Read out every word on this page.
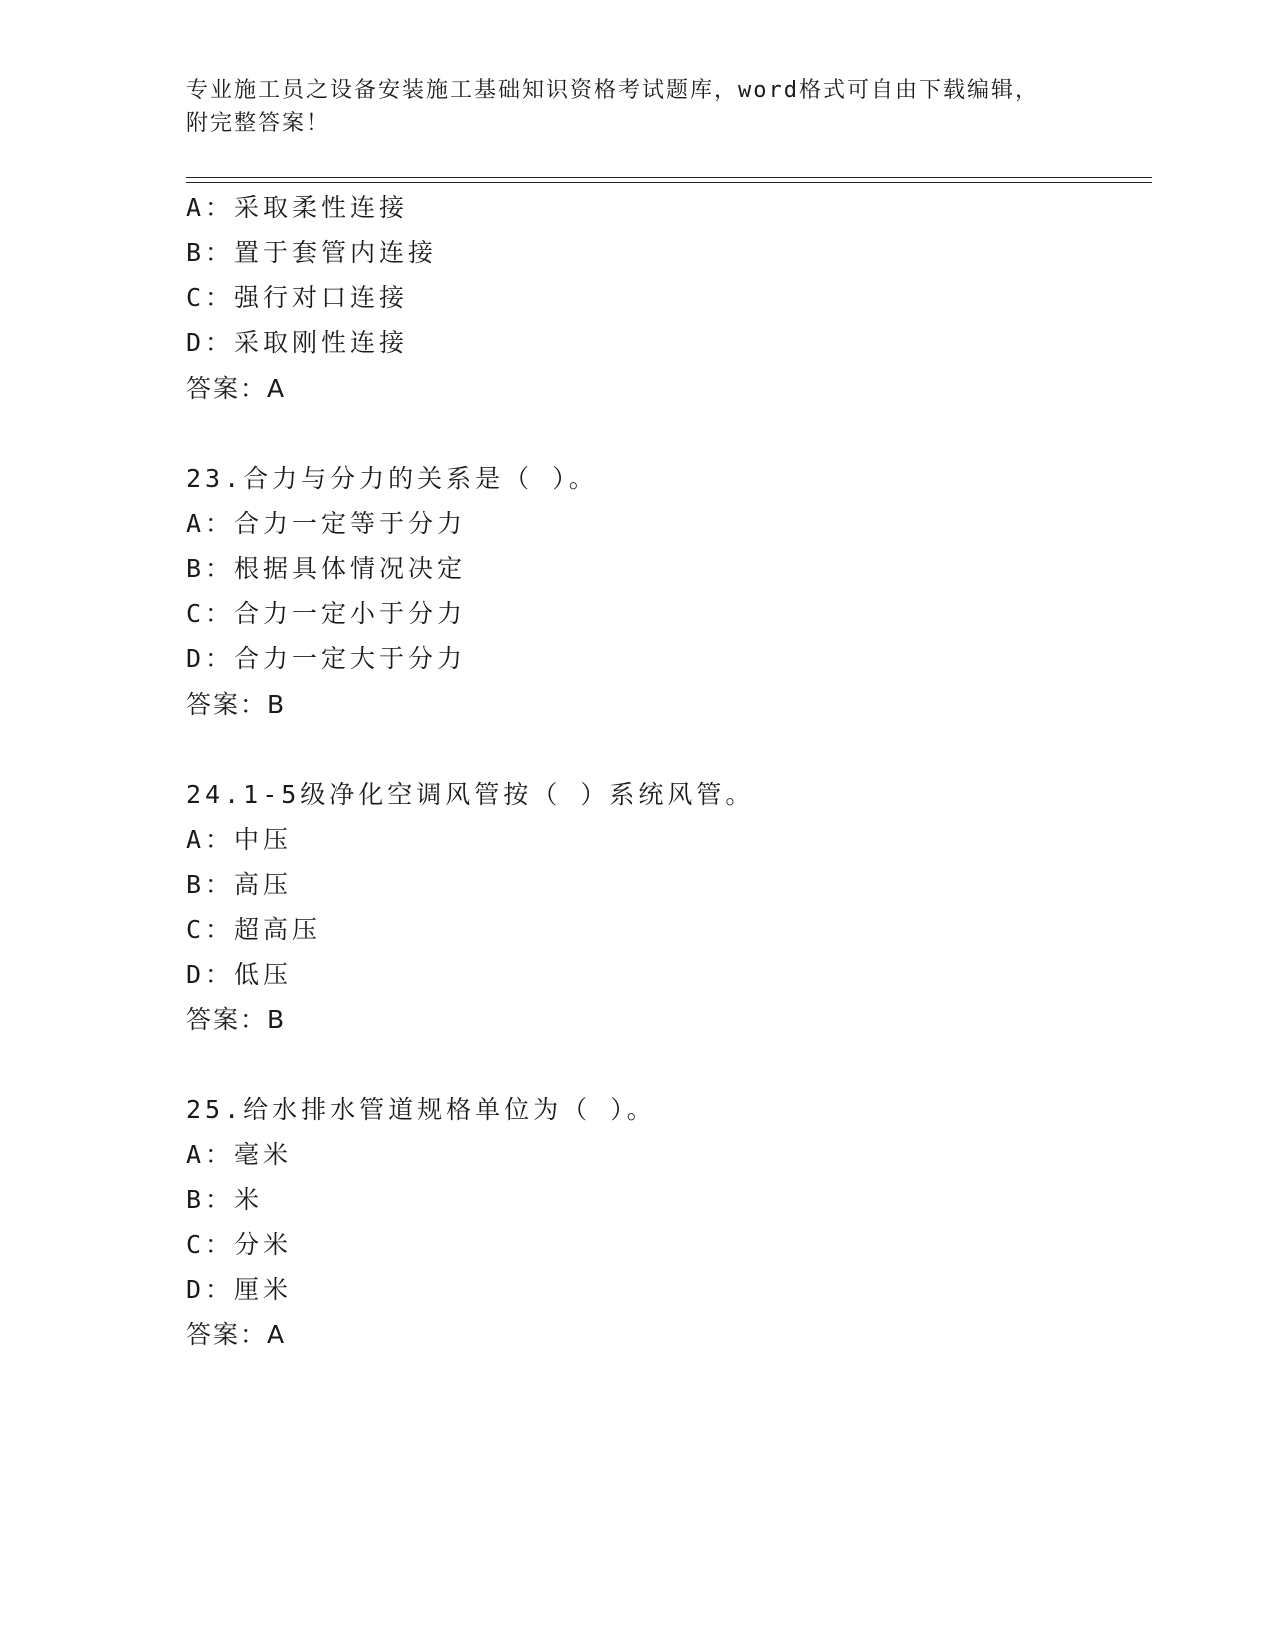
专业施工员之设备安装施工基础知识资格考试题库，word格式可自由下载编辑，
附完整答案！
A：采取柔性连接
B：置于套管内连接
C：强行对口连接
D：采取刚性连接
答案：A
23.合力与分力的关系是（ ）。
A：合力一定等于分力
B：根据具体情况决定
C：合力一定小于分力
D：合力一定大于分力
答案：B
24.1-5级净化空调风管按（ ）系统风管。
A：中压
B：高压
C：超高压
D：低压
答案：B
25.给水排水管道规格单位为（ ）。
A：毫米
B：米
C：分米
D：厘米
答案：A
